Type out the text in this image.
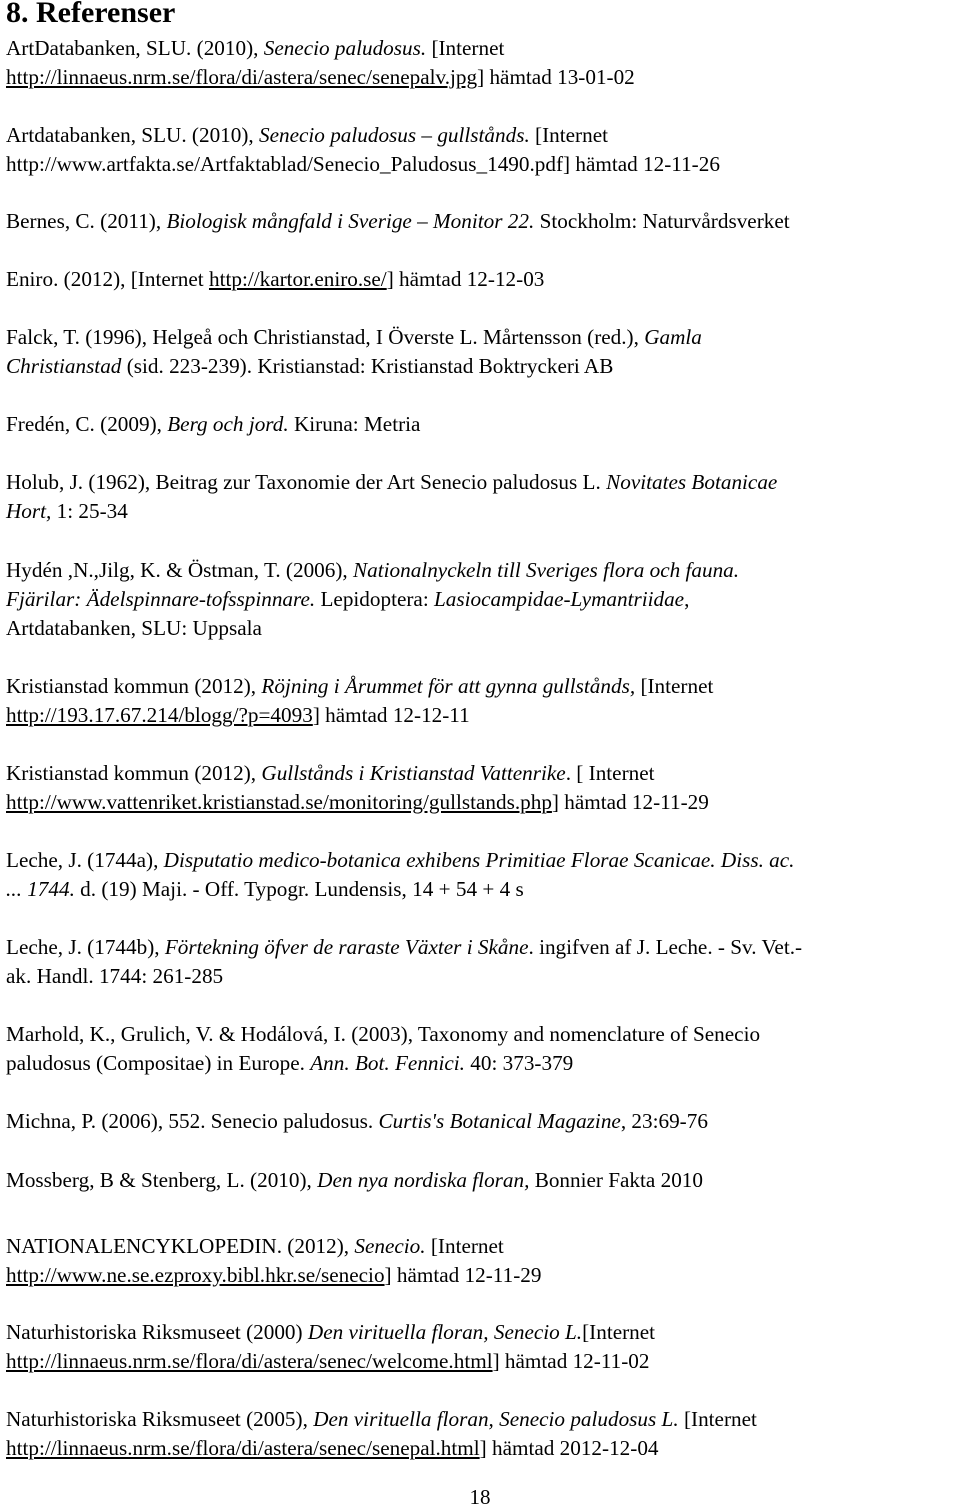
8. Referenser
ArtDatabanken, SLU. (2010), Senecio paludosus. [Internet
http://linnaeus.nrm.se/flora/di/astera/senec/senepalv.jpg] hämtad 13-01-02
Artdatabanken, SLU. (2010), Senecio paludosus – gullstånds. [Internet
http://www.artfakta.se/Artfaktablad/Senecio_Paludosus_1490.pdf] hämtad 12-11-26
Bernes, C. (2011), Biologisk mångfald i Sverige – Monitor 22. Stockholm: Naturvårdsverket
Eniro. (2012), [Internet http://kartor.eniro.se/] hämtad 12-12-03
Falck, T. (1996), Helgeå och Christianstad, I Överste L. Mårtensson (red.), Gamla
Christianstad (sid. 223-239). Kristianstad: Kristianstad Boktryckeri AB
Fredén, C. (2009), Berg och jord. Kiruna: Metria
Holub, J. (1962), Beitrag zur Taxonomie der Art Senecio paludosus L. Novitates Botanicae
Hort, 1: 25-34
Hydén ,N.,Jilg, K. & Östman, T. (2006), Nationalnyckeln till Sveriges flora och fauna.
Fjärilar: Ädelspinnare-tofsspinnare. Lepidoptera: Lasiocampidae-Lymantriidae,
Artdatabanken, SLU: Uppsala
Kristianstad kommun (2012), Röjning i Årummet för att gynna gullstånds, [Internet
http://193.17.67.214/blogg/?p=4093] hämtad 12-12-11
Kristianstad kommun (2012), Gullstånds i Kristianstad Vattenrike. [ Internet
http://www.vattenriket.kristianstad.se/monitoring/gullstands.php] hämtad 12-11-29
Leche, J. (1744a), Disputatio medico-botanica exhibens Primitiae Florae Scanicae. Diss. ac.
... 1744. d. (19) Maji. - Off. Typogr. Lundensis, 14 + 54 + 4 s
Leche, J. (1744b), Förtekning öfver de raraste Växter i Skåne. ingifven af J. Leche. - Sv. Vet.-
ak. Handl. 1744: 261-285
Marhold, K., Grulich, V. & Hodálová, I. (2003), Taxonomy and nomenclature of Senecio
paludosus (Compositae) in Europe. Ann. Bot. Fennici. 40: 373-379
Michna, P. (2006), 552. Senecio paludosus. Curtis's Botanical Magazine, 23:69-76
Mossberg, B & Stenberg, L. (2010), Den nya nordiska floran, Bonnier Fakta 2010
NATIONALENCYKLOPEDIN. (2012), Senecio. [Internet
http://www.ne.se.ezproxy.bibl.hkr.se/senecio] hämtad 12-11-29
Naturhistoriska Riksmuseet (2000) Den virituella floran, Senecio L.[Internet
http://linnaeus.nrm.se/flora/di/astera/senec/welcome.html] hämtad 12-11-02
Naturhistoriska Riksmuseet (2005), Den virituella floran, Senecio paludosus L. [Internet
http://linnaeus.nrm.se/flora/di/astera/senec/senepal.html] hämtad 2012-12-04
18
